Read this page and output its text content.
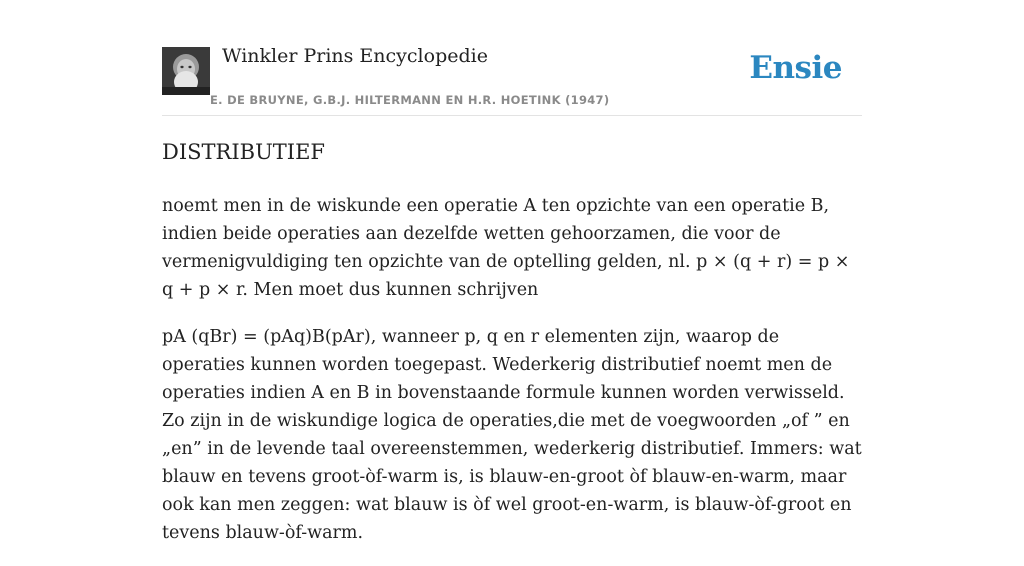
Winkler Prins Encyclopedie
E. DE BRUYNE, G.B.J. HILTERMANN EN H.R. HOETINK (1947)
Ensie
DISTRIBUTIEF

noemt men in de wiskunde een operatie A ten opzichte van een operatie B, indien beide operaties aan dezelfde wetten gehoorzamen, die voor de vermenigvuldiging ten opzichte van de optelling gelden, nl. p × (q + r) = p × q + p × r. Men moet dus kunnen schrijven

pA (qBr) = (pAq)B(pAr), wanneer p, q en r elementen zijn, waarop de operaties kunnen worden toegepast. Wederkerig distributief noemt men de operaties indien A en B in bovenstaande formule kunnen worden verwisseld. Zo zijn in de wiskundige logica de operaties,die met de voegwoorden „of ” en „en” in de levende taal overeenstemmen, wederkerig distributief. Immers: wat blauw en tevens groot-òf-warm is, is blauw-en-groot òf blauw-en-warm, maar ook kan men zeggen: wat blauw is òf wel groot-en-warm, is blauw-òf-groot en tevens blauw-òf-warm.
